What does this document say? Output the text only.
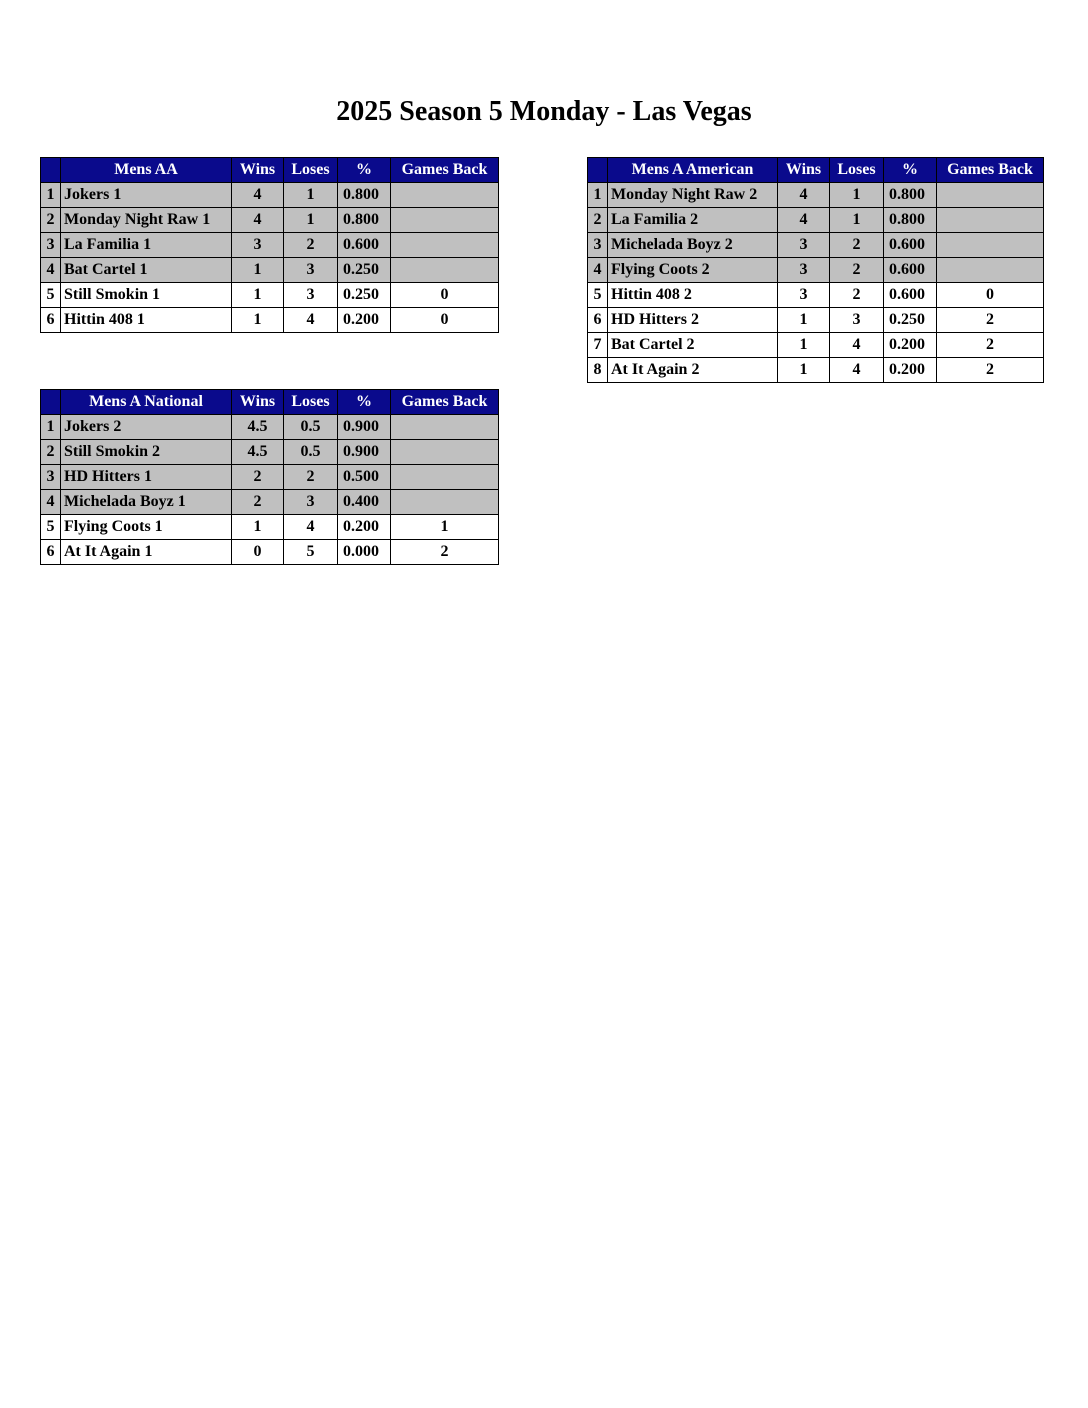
2025 Season 5 Monday - Las Vegas
	Mens AA	Wins	Loses	%	Games Back
1	Jokers 1	4	1	0.800	
2	Monday Night Raw 1	4	1	0.800	
3	La Familia 1	3	2	0.600	
4	Bat Cartel 1	1	3	0.250	
5	Still Smokin 1	1	3	0.250	0
6	Hittin 408 1	1	4	0.200	0
	Mens A National	Wins	Loses	%	Games Back
1	Jokers 2	4.5	0.5	0.900	
2	Still Smokin 2	4.5	0.5	0.900	
3	HD Hitters 1	2	2	0.500	
4	Michelada Boyz 1	2	3	0.400	
5	Flying Coots 1	1	4	0.200	1
6	At It Again 1	0	5	0.000	2
	Mens A American	Wins	Loses	%	Games Back
1	Monday Night Raw 2	4	1	0.800	
2	La Familia 2	4	1	0.800	
3	Michelada Boyz 2	3	2	0.600	
4	Flying Coots 2	3	2	0.600	
5	Hittin 408 2	3	2	0.600	0
6	HD Hitters 2	1	3	0.250	2
7	Bat Cartel 2	1	4	0.200	2
8	At It Again 2	1	4	0.200	2
